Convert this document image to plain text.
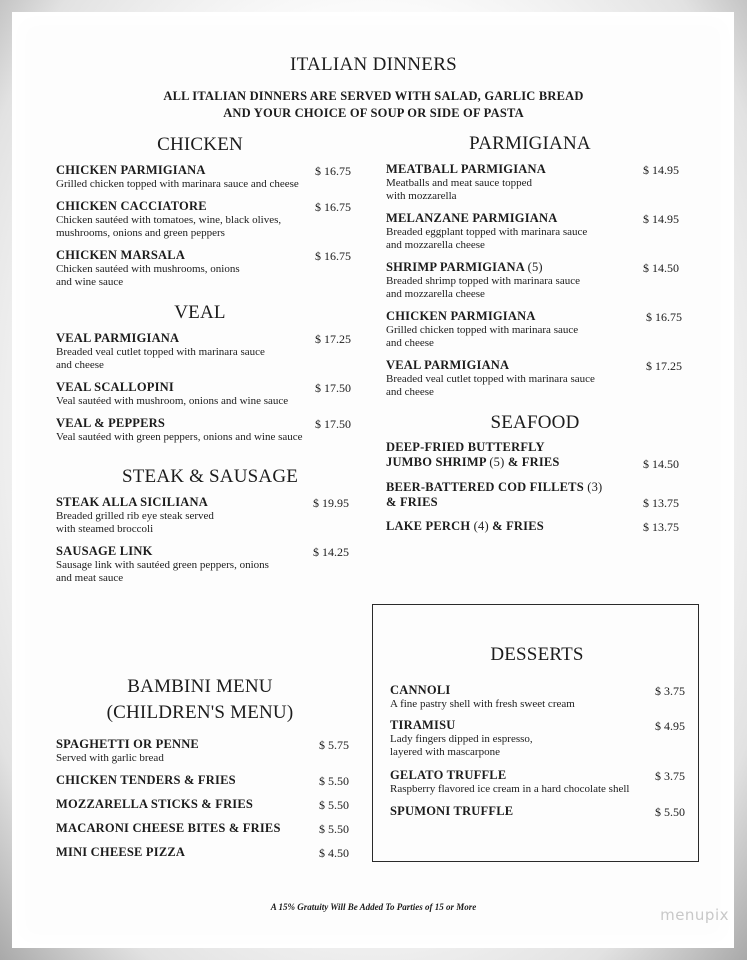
ITALIAN DINNERS
ALL ITALIAN DINNERS ARE SERVED WITH SALAD, GARLIC BREAD
AND YOUR CHOICE OF SOUP OR SIDE OF PASTA
CHICKEN
CHICKEN PARMIGIANA
Grilled chicken topped with marinara sauce and cheese
$ 16.75
CHICKEN CACCIATORE
Chicken sautéed with tomatoes, wine, black olives,
mushrooms, onions and green peppers
$ 16.75
CHICKEN MARSALA
Chicken sautéed with mushrooms, onions
and wine sauce
$ 16.75
VEAL
VEAL PARMIGIANA
Breaded veal cutlet topped with marinara sauce
and cheese
$ 17.25
VEAL SCALLOPINI
Veal sautéed with mushroom, onions and wine sauce
$ 17.50
VEAL & PEPPERS
Veal sautéed with green peppers, onions and wine sauce
$ 17.50
STEAK & SAUSAGE
STEAK ALLA SICILIANA
Breaded grilled rib eye steak served
with steamed broccoli
$ 19.95
SAUSAGE LINK
Sausage link with sautéed green peppers, onions
and meat sauce
$ 14.25
PARMIGIANA
MEATBALL PARMIGIANA
Meatballs and meat sauce topped
with mozzarella
$ 14.95
MELANZANE PARMIGIANA
Breaded eggplant topped with marinara sauce
and mozzarella cheese
$ 14.95
SHRIMP PARMIGIANA (5)
Breaded shrimp topped with marinara sauce
and mozzarella cheese
$ 14.50
CHICKEN PARMIGIANA
Grilled chicken topped with marinara sauce
and cheese
$ 16.75
VEAL PARMIGIANA
Breaded veal cutlet topped with marinara sauce
and cheese
$ 17.25
SEAFOOD
DEEP-FRIED BUTTERFLY
JUMBO SHRIMP (5) & FRIES	$ 14.50
BEER-BATTERED COD FILLETS (3)
& FRIES	$ 13.75
LAKE PERCH (4) & FRIES	$ 13.75
BAMBINI MENU
(CHILDREN'S MENU)
SPAGHETTI OR PENNE
Served with garlic bread
$ 5.75
CHICKEN TENDERS & FRIES	$ 5.50
MOZZARELLA STICKS & FRIES	$ 5.50
MACARONI CHEESE BITES & FRIES	$ 5.50
MINI CHEESE PIZZA	$ 4.50
DESSERTS
CANNOLI
A fine pastry shell with fresh sweet cream
$ 3.75
TIRAMISU
Lady fingers dipped in espresso,
layered with mascarpone
$ 4.95
GELATO TRUFFLE
Raspberry flavored ice cream in a hard chocolate shell
$ 3.75
SPUMONI TRUFFLE	$ 5.50
A 15% Gratuity Will Be Added To Parties of 15 or More	menupix
